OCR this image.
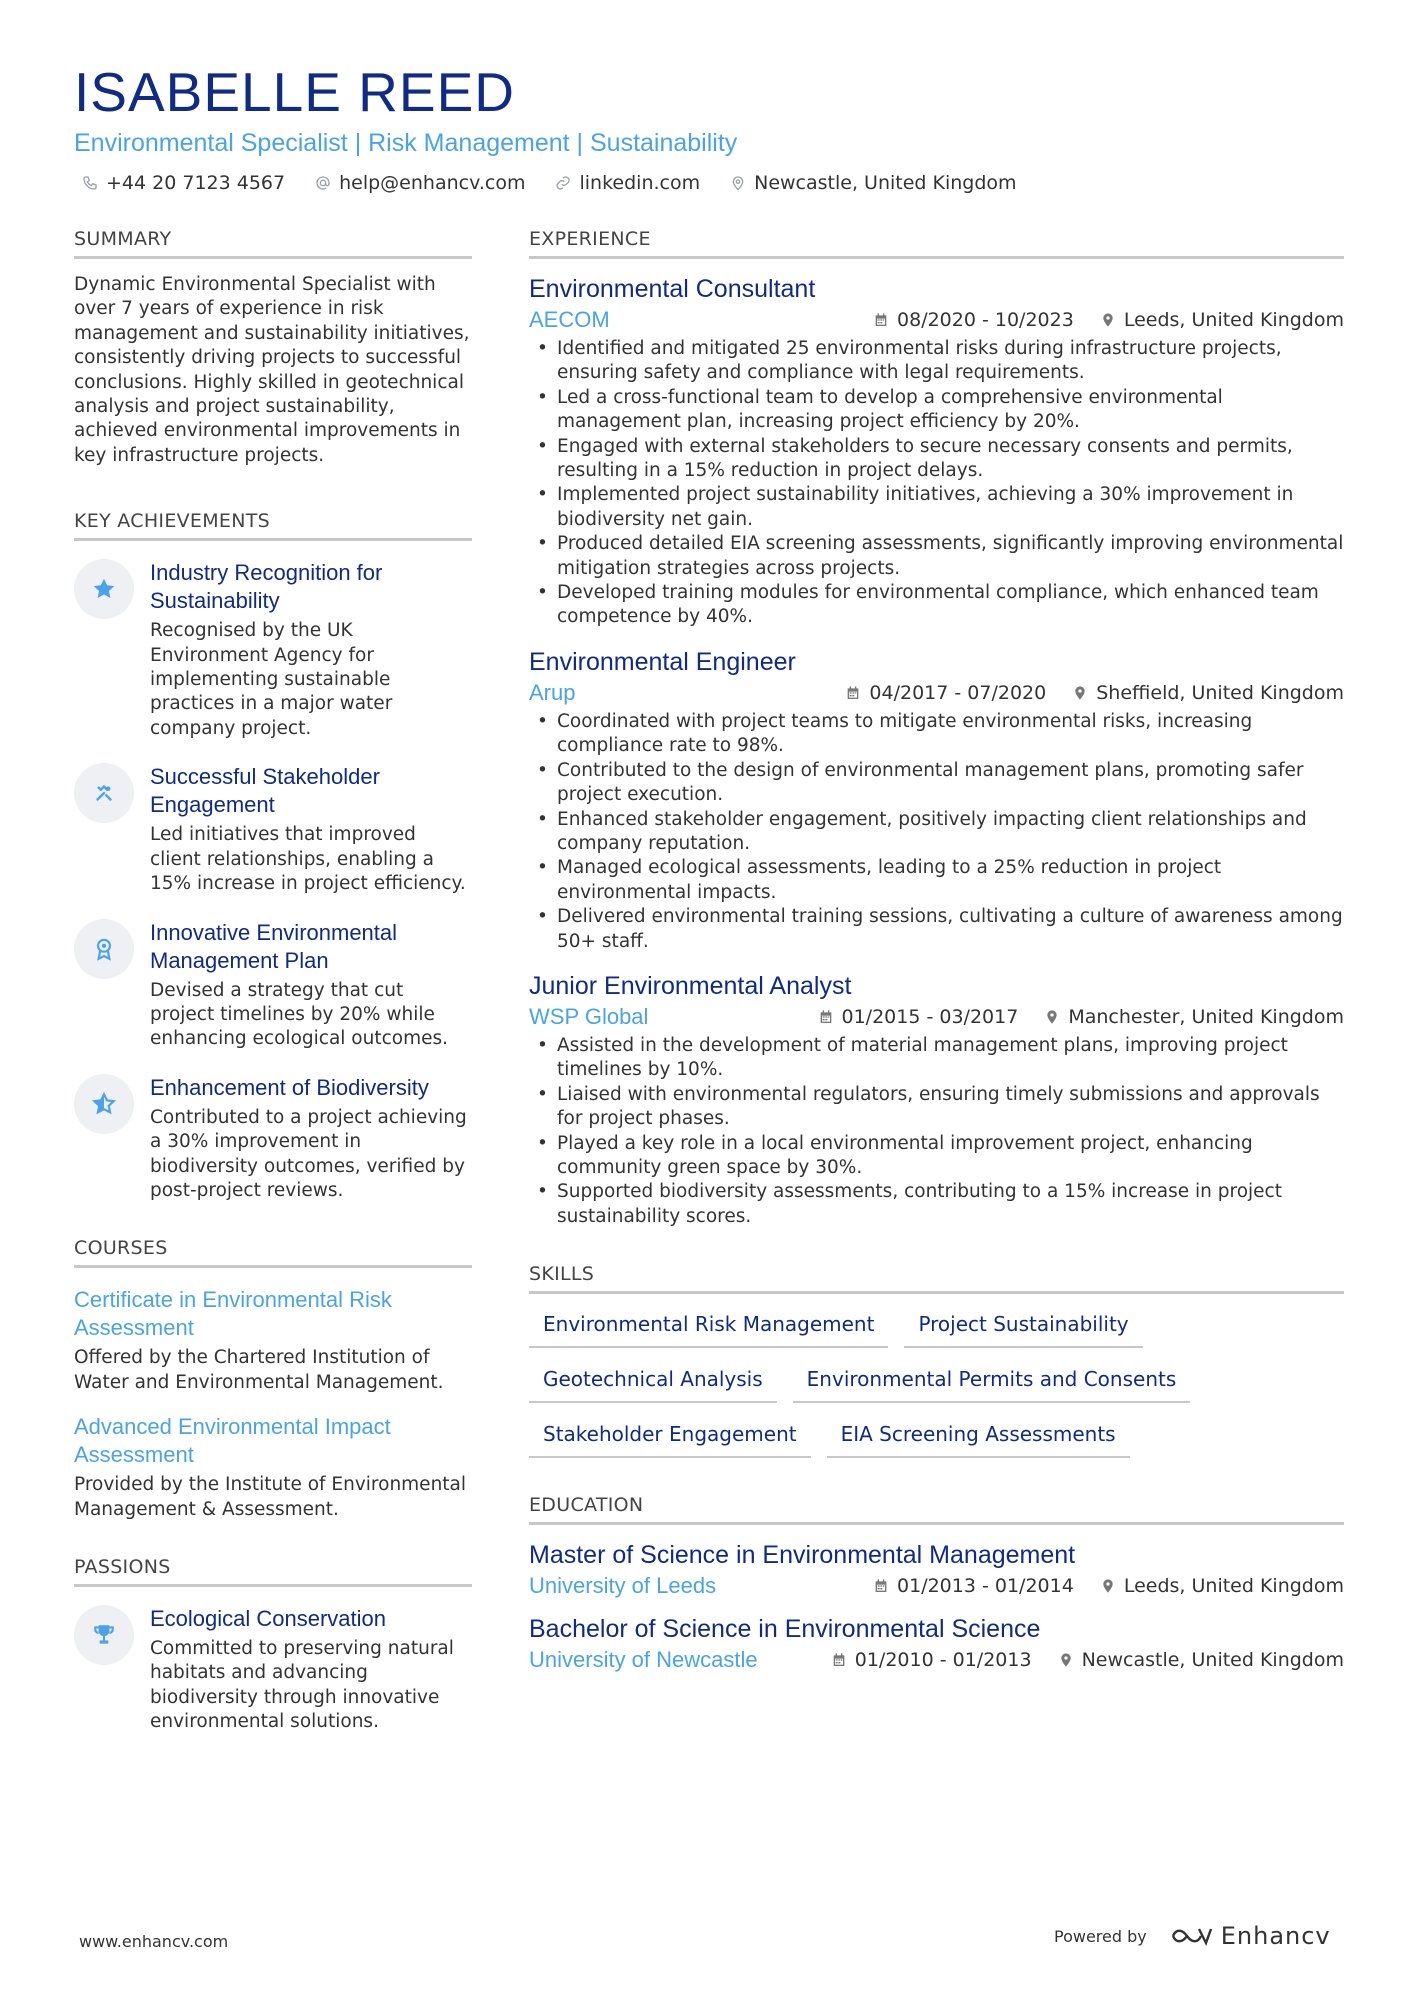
ISABELLE REED
Environmental Specialist | Risk Management | Sustainability
+44 20 7123 4567	help@enhancv.com	linkedin.com	Newcastle, United Kingdom
SUMMARY
Dynamic Environmental Specialist with over 7 years of experience in risk management and sustainability initiatives, consistently driving projects to successful conclusions. Highly skilled in geotechnical analysis and project sustainability, achieved environmental improvements in key infrastructure projects.
KEY ACHIEVEMENTS
Industry Recognition for Sustainability
Recognised by the UK Environment Agency for implementing sustainable practices in a major water company project.
Successful Stakeholder Engagement
Led initiatives that improved client relationships, enabling a 15% increase in project efficiency.
Innovative Environmental Management Plan
Devised a strategy that cut project timelines by 20% while enhancing ecological outcomes.
Enhancement of Biodiversity
Contributed to a project achieving a 30% improvement in biodiversity outcomes, verified by post-project reviews.
COURSES
Certificate in Environmental Risk Assessment
Offered by the Chartered Institution of Water and Environmental Management.
Advanced Environmental Impact Assessment
Provided by the Institute of Environmental Management & Assessment.
PASSIONS
Ecological Conservation
Committed to preserving natural habitats and advancing biodiversity through innovative environmental solutions.
EXPERIENCE
Environmental Consultant
AECOM	08/2020 - 10/2023	Leeds, United Kingdom
• Identified and mitigated 25 environmental risks during infrastructure projects, ensuring safety and compliance with legal requirements.
• Led a cross-functional team to develop a comprehensive environmental management plan, increasing project efficiency by 20%.
• Engaged with external stakeholders to secure necessary consents and permits, resulting in a 15% reduction in project delays.
• Implemented project sustainability initiatives, achieving a 30% improvement in biodiversity net gain.
• Produced detailed EIA screening assessments, significantly improving environmental mitigation strategies across projects.
• Developed training modules for environmental compliance, which enhanced team competence by 40%.
Environmental Engineer
Arup	04/2017 - 07/2020	Sheffield, United Kingdom
• Coordinated with project teams to mitigate environmental risks, increasing compliance rate to 98%.
• Contributed to the design of environmental management plans, promoting safer project execution.
• Enhanced stakeholder engagement, positively impacting client relationships and company reputation.
• Managed ecological assessments, leading to a 25% reduction in project environmental impacts.
• Delivered environmental training sessions, cultivating a culture of awareness among 50+ staff.
Junior Environmental Analyst
WSP Global	01/2015 - 03/2017	Manchester, United Kingdom
• Assisted in the development of material management plans, improving project timelines by 10%.
• Liaised with environmental regulators, ensuring timely submissions and approvals for project phases.
• Played a key role in a local environmental improvement project, enhancing community green space by 30%.
• Supported biodiversity assessments, contributing to a 15% increase in project sustainability scores.
SKILLS
Environmental Risk Management	Project Sustainability
Geotechnical Analysis	Environmental Permits and Consents
Stakeholder Engagement	EIA Screening Assessments
EDUCATION
Master of Science in Environmental Management
University of Leeds	01/2013 - 01/2014	Leeds, United Kingdom
Bachelor of Science in Environmental Science
University of Newcastle	01/2010 - 01/2013	Newcastle, United Kingdom
www.enhancv.com	Powered by	Enhancv
